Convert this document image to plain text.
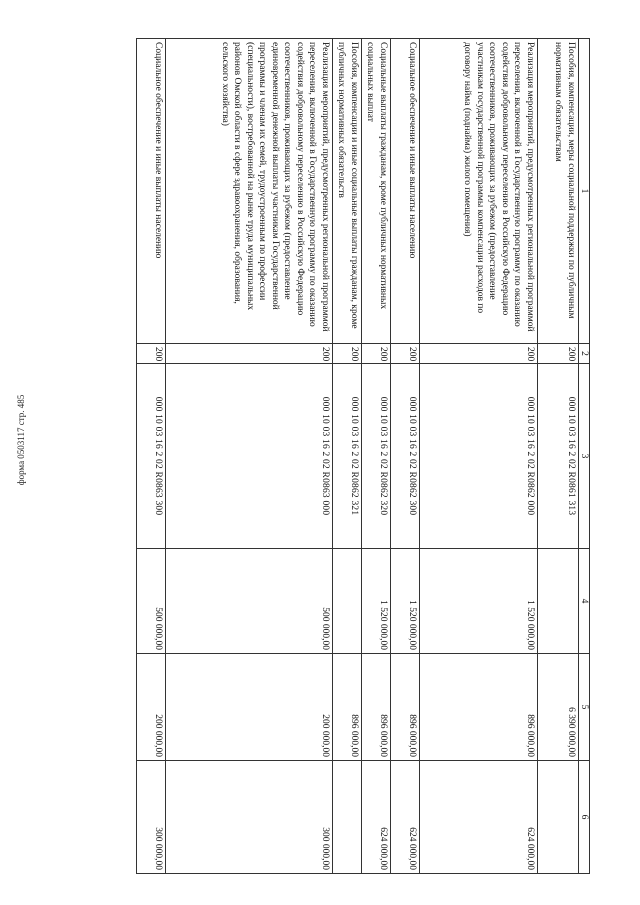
форма 0503117 стр. 485
1	2	3	4	5	6
Пособия, компенсации, меры социальной поддержки по публичным нормативным обязательствам	200	000 10 03 16 2 02 R0861 313		6 390 000,00	
Реализация мероприятий, предусмотренных региональной программой переселения, включенной в Государственную программу по оказанию содействия добровольному переселению в Российскую Федерацию соотечественников, проживающих за рубежом (предоставление участникам государственной программы компенсации расходов по договору найма (поднайма) жилого помещения)	200	000 10 03 16 2 02 R0862 000	1 520 000,00	896 000,00	624 000,00
Социальное обеспечение и иные выплаты населению	200	000 10 03 16 2 02 R0862 300	1 520 000,00	896 000,00	624 000,00
Социальные выплаты гражданам, кроме публичных нормативных социальных выплат	200	000 10 03 16 2 02 R0862 320	1 520 000,00	896 000,00	624 000,00
Пособия, компенсации и иные социальные выплаты гражданам, кроме публичных нормативных обязательств	200	000 10 03 16 2 02 R0862 321		896 000,00	
Реализация мероприятий, предусмотренных региональной программой переселения, включенной в Государственную программу по оказанию содействия добровольному переселению в Российскую Федерацию соотечественников, проживающих за рубежом (предоставление единовременной денежной выплаты участникам Государственной программы и членам их семей, трудоустроенным по профессии (специальности), востребованной на рынке труда муниципальных районов Омской области в сфере здравоохранения, образования, сельского хозяйства)	200	000 10 03 16 2 02 R0863 000	500 000,00	200 000,00	300 000,00
Социальное обеспечение и иные выплаты населению	200	000 10 03 16 2 02 R0863 300	500 000,00	200 000,00	300 000,00
